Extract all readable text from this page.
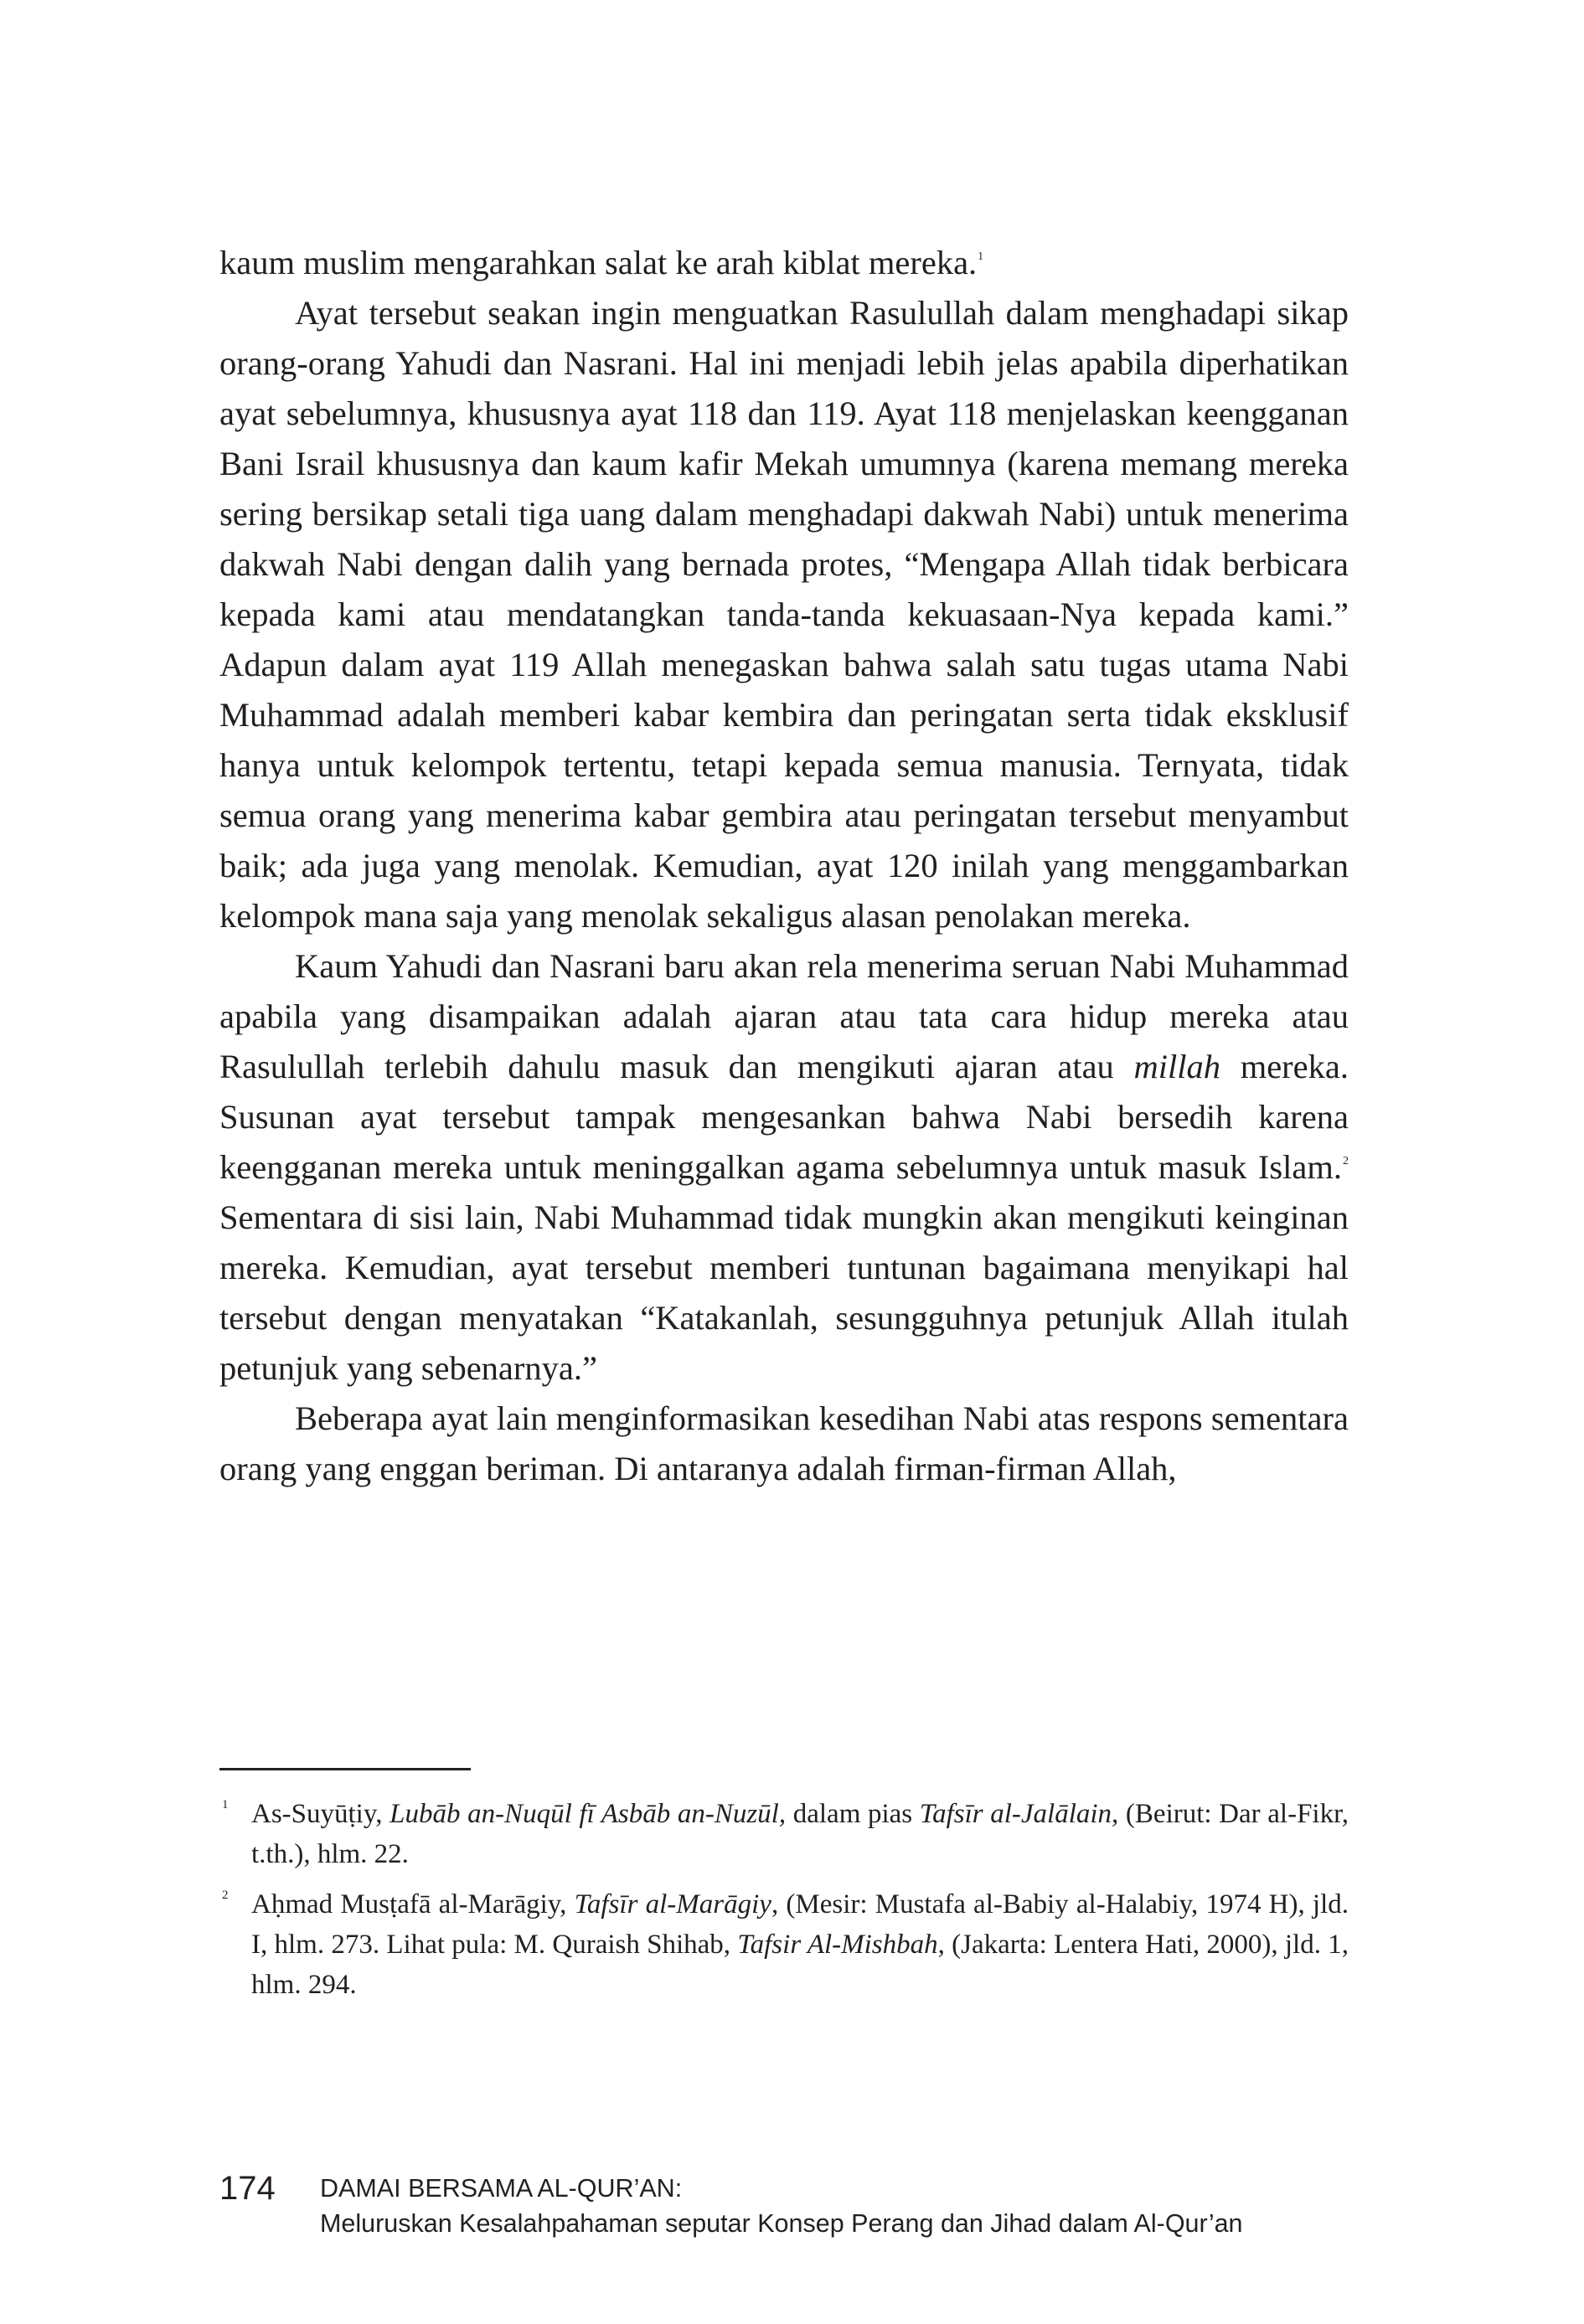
kaum muslim mengarahkan salat ke arah kiblat mereka.$^1$

Ayat tersebut seakan ingin menguatkan Rasulullah dalam menghadapi sikap orang-orang Yahudi dan Nasrani. Hal ini menjadi lebih jelas apabila diperhatikan ayat sebelumnya, khususnya ayat 118 dan 119. Ayat 118 menjelaskan keengganan Bani Israil khususnya dan kaum kafir Mekah umumnya (karena memang mereka sering bersikap setali tiga uang dalam menghadapi dakwah Nabi) untuk menerima dakwah Nabi dengan dalih yang bernada protes, “Mengapa Allah tidak berbicara kepada kami atau mendatangkan tanda-tanda kekuasaan-Nya kepada kami.” Adapun dalam ayat 119 Allah menegaskan bahwa salah satu tugas utama Nabi Muhammad adalah memberi kabar kembira dan peringatan serta tidak eksklusif hanya untuk kelompok tertentu, tetapi kepada semua manusia. Ternyata, tidak semua orang yang menerima kabar gembira atau peringatan tersebut menyambut baik; ada juga yang menolak. Kemudian, ayat 120 inilah yang menggambarkan kelompok mana saja yang menolak sekaligus alasan penolakan mereka.

Kaum Yahudi dan Nasrani baru akan rela menerima seruan Nabi Muhammad apabila yang disampaikan adalah ajaran atau tata cara hidup mereka atau Rasulullah terlebih dahulu masuk dan mengikuti ajaran atau millah mereka. Susunan ayat tersebut tampak mengesankan bahwa Nabi bersedih karena keengganan mereka untuk meninggalkan agama sebelumnya untuk masuk Islam.$^2$ Sementara di sisi lain, Nabi Muhammad tidak mungkin akan mengikuti keinginan mereka. Kemudian, ayat tersebut memberi tuntunan bagaimana menyikapi hal tersebut dengan menyatakan “Katakanlah, sesungguhnya petunjuk Allah itulah petunjuk yang sebenarnya.”

Beberapa ayat lain menginformasikan kesedihan Nabi atas respons sementara orang yang enggan beriman. Di antaranya adalah firman-firman Allah,

1 As-Suyūṭiy, Lubāb an-Nuqūl fī Asbāb an-Nuzūl, dalam pias Tafsīr al-Jalālain, (Beirut: Dar al-Fikr, t.th.), hlm. 22.
2 Aḥmad Musṭafā al-Marāgiy, Tafsīr al-Marāgiy, (Mesir: Mustafa al-Babiy al-Halabiy, 1974 H), jld. I, hlm. 273. Lihat pula: M. Quraish Shihab, Tafsir Al-Mishbah, (Jakarta: Lentera Hati, 2000), jld. 1, hlm. 294.
174 DAMAI BERSAMA AL-QUR’AN:
Meluruskan Kesalahpahaman seputar Konsep Perang dan Jihad dalam Al-Qur’an
